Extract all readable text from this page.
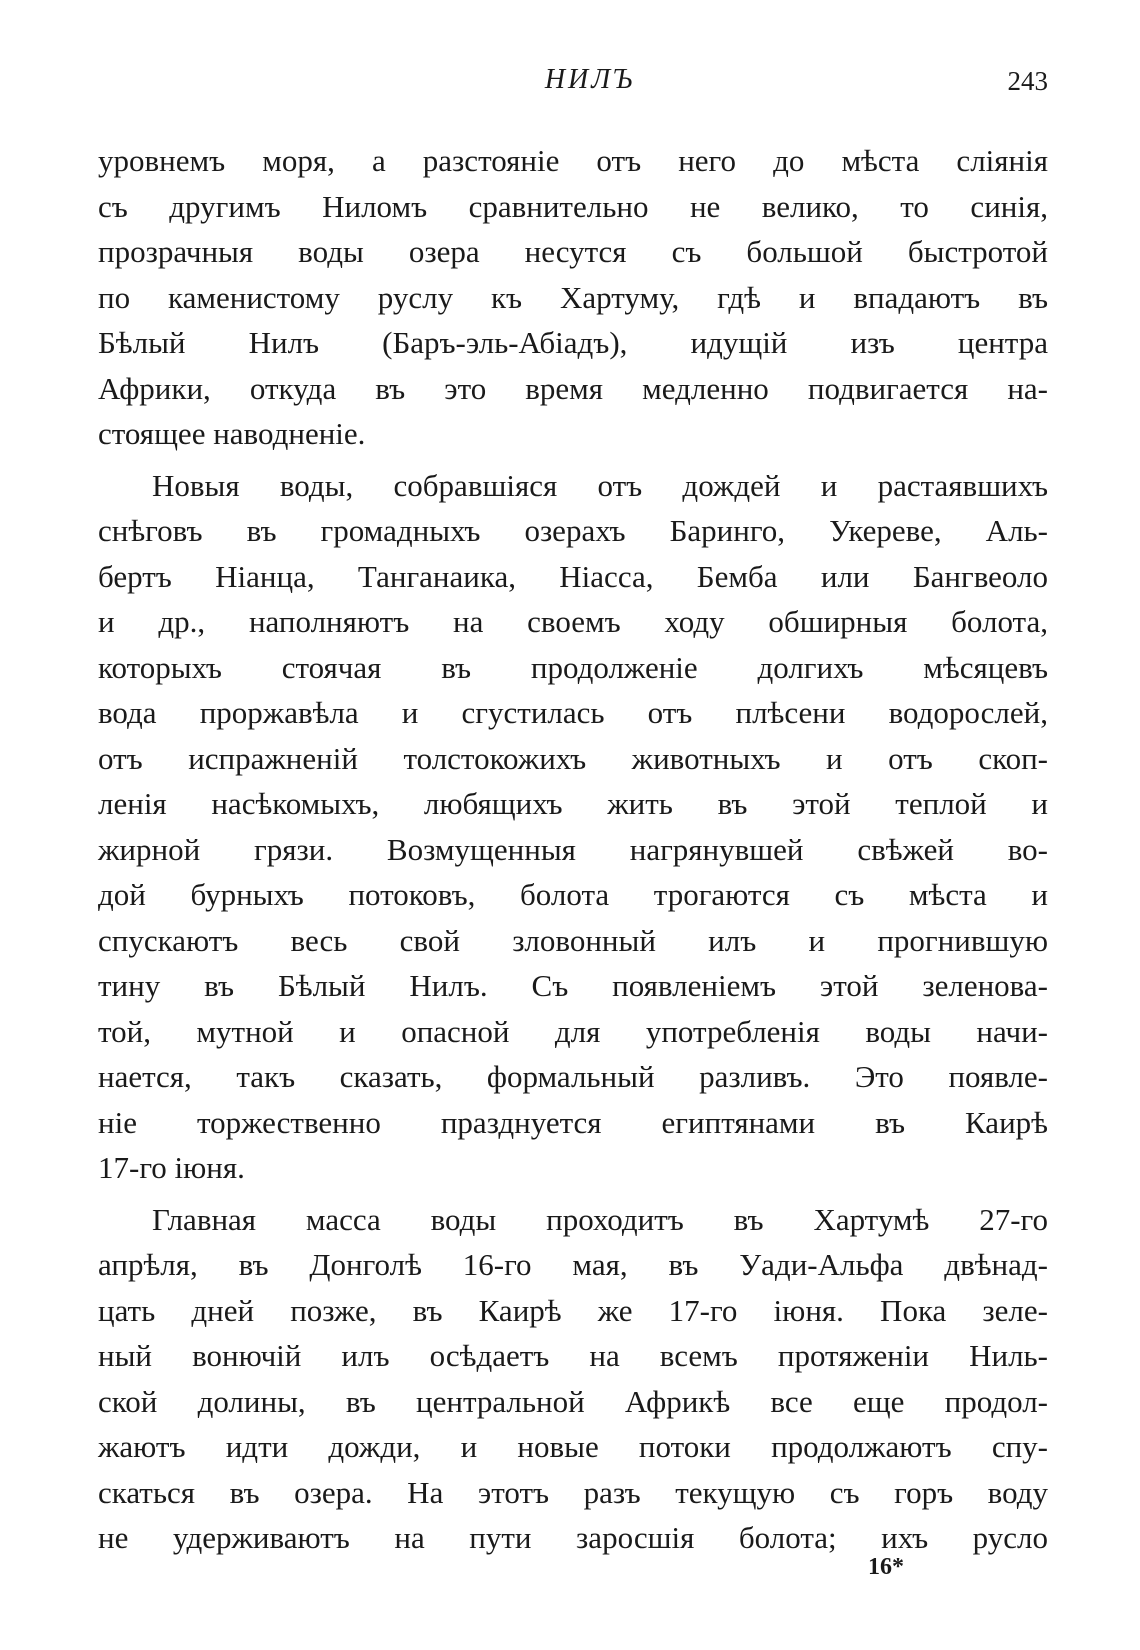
НИЛЪ	243
уровнемъ моря, а разстояніе отъ него до мѣста сліянія
съ другимъ Ниломъ сравнительно не велико, то синія,
прозрачныя воды озера несутся съ большой быстротой
по каменистому руслу къ Хартуму, гдѣ и впадаютъ въ
Бѣлый Нилъ (Баръ-эль-Абіадъ), идущій изъ центра
Африки, откуда въ это время медленно подвигается на-
стоящее наводненіе.
Новыя воды, собравшіяся отъ дождей и растаявшихъ
снѣговъ въ громадныхъ озерахъ Баринго, Укереве, Аль-
бертъ Ніанца, Танганаика, Ніасса, Бемба или Бангвеоло
и др., наполняютъ на своемъ ходу обширныя болота,
которыхъ стоячая въ продолженіе долгихъ мѣсяцевъ
вода проржавѣла и сгустилась отъ плѣсени водорослей,
отъ испражненій толстокожихъ животныхъ и отъ скоп-
ленія насѣкомыхъ, любящихъ жить въ этой теплой и
жирной грязи. Возмущенныя нагрянувшей свѣжей во-
дой бурныхъ потоковъ, болота трогаются съ мѣста и
спускаютъ весь свой зловонный илъ и прогнившую
тину въ Бѣлый Нилъ. Съ появленіемъ этой зеленова-
той, мутной и опасной для употребленія воды начи-
нается, такъ сказать, формальный разливъ. Это появле-
ніе торжественно празднуется египтянами въ Каирѣ
17-го іюня.
Главная масса воды проходитъ въ Хартумѣ 27-го
апрѣля, въ Донголѣ 16-го мая, въ Уади-Альфа двѣнад-
цать дней позже, въ Каирѣ же 17-го іюня. Пока зеле-
ный вонючій илъ осѣдаетъ на всемъ протяженіи Ниль-
ской долины, въ центральной Африкѣ все еще продол-
жаютъ идти дожди, и новые потоки продолжаютъ спу-
скаться въ озера. На этотъ разъ текущую съ горъ воду
не удерживаютъ на пути заросшія болота; ихъ русло
16*
